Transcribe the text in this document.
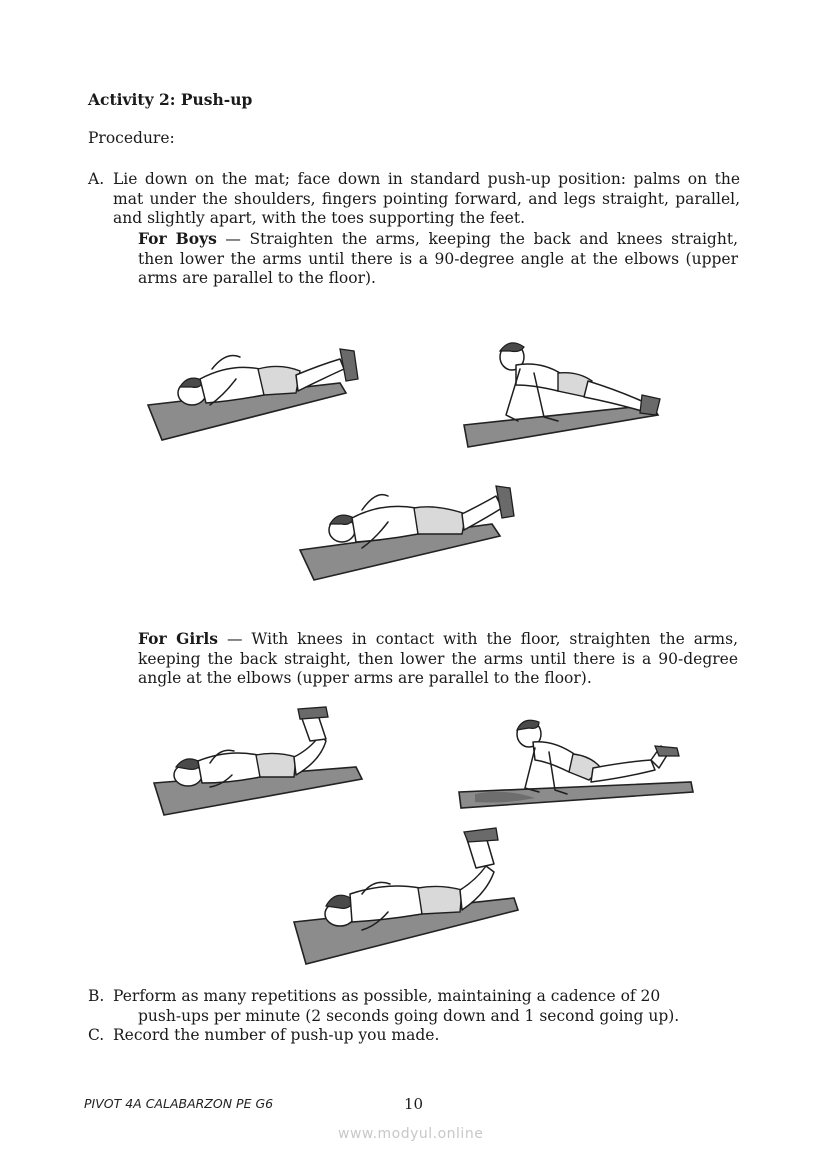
Activity 2: Push-up
Procedure:
A. Lie down on the mat; face down in standard push-up position: palms on the mat under the shoulders, fingers pointing forward, and legs straight, parallel, and slightly apart, with the toes supporting the feet.
For Boys — Straighten the arms, keeping the back and knees straight, then lower the arms until there is a 90-degree angle at the elbows (upper arms are parallel to the floor).
For Girls — With knees in contact with the floor, straighten the arms, keeping the back straight, then lower the arms until there is a 90-degree angle at the elbows (upper arms are parallel to the floor).
B. Perform as many repetitions as possible, maintaining a cadence of 20
push-ups per minute (2 seconds going down and 1 second going up).
C. Record the number of push-up you made.
PIVOT 4A CALABARZON PE G6	10
www.modyul.online
